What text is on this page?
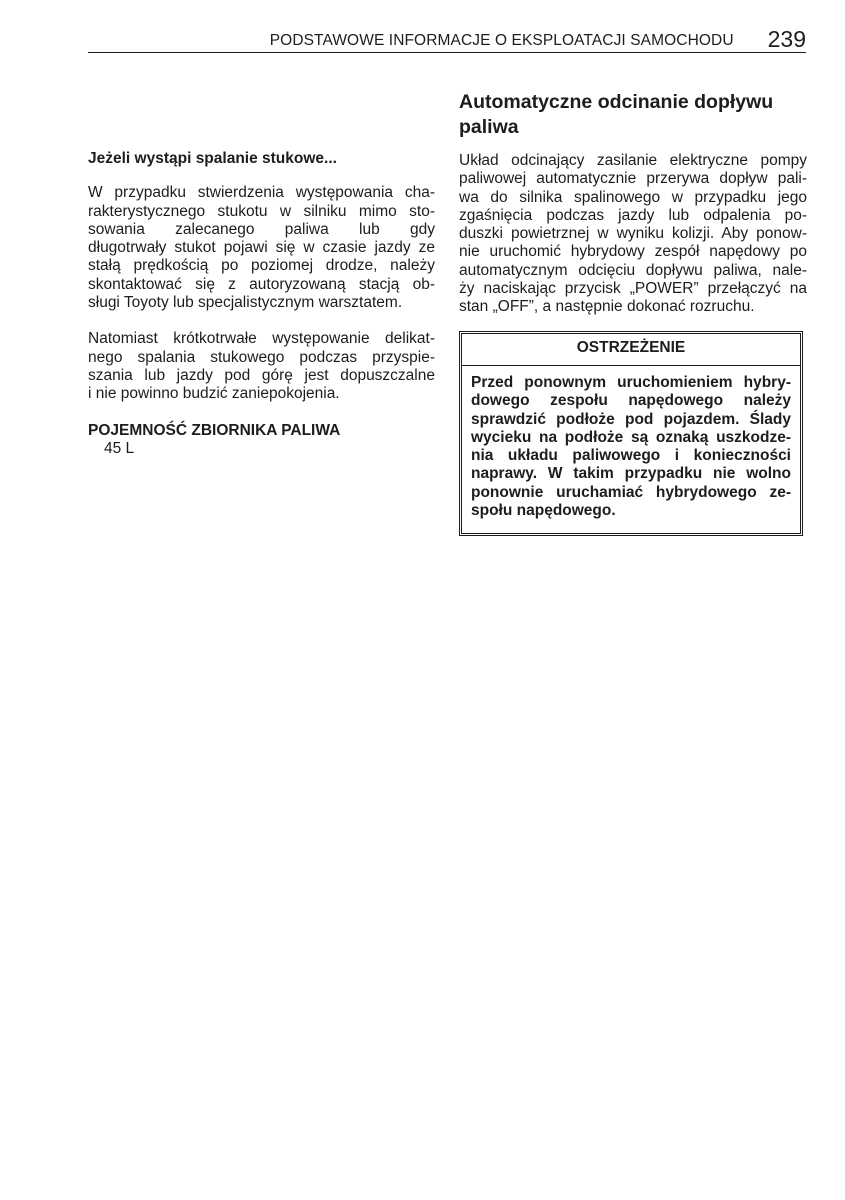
PODSTAWOWE INFORMACJE O EKSPLOATACJI SAMOCHODU 239

Jeżeli wystąpi spalanie stukowe...

W przypadku stwierdzenia występowania cha-

rakterystycznego stukotu w silniku mimo sto-

sowania zalecanego paliwa lub gdy

długotrwały stukot pojawi się w czasie jazdy ze

stałą prędkością po poziomej drodze, należy

skontaktować się z autoryzowaną stacją ob-

sługi Toyoty lub specjalistycznym warsztatem.

Natomiast krótkotrwałe występowanie delikat-

nego spalania stukowego podczas przyspie-

szania lub jazdy pod górę jest dopuszczalne

i nie powinno budzić zaniepokojenia.

POJEMNOŚĆ ZBIORNIKA PALIWA

45 L

Automatyczne odcinanie dopływu
paliwa

Układ odcinający zasilanie elektryczne pompy

paliwowej automatycznie przerywa dopływ pali-

wa do silnika spalinowego w przypadku jego

zgaśnięcia podczas jazdy lub odpalenia po-

duszki powietrznej w wyniku kolizji. Aby ponow-

nie uruchomić hybrydowy zespół napędowy po

automatycznym odcięciu dopływu paliwa, nale-

ży naciskając przycisk „POWER” przełączyć na

stan „OFF”, a następnie dokonać rozruchu.

OSTRZEŻENIE

Przed ponownym uruchomieniem hybry-

dowego zespołu napędowego należy

sprawdzić podłoże pod pojazdem. Ślady

wycieku na podłoże są oznaką uszkodze-

nia układu paliwowego i konieczności

naprawy. W takim przypadku nie wolno

ponownie uruchamiać hybrydowego ze-

społu napędowego.
